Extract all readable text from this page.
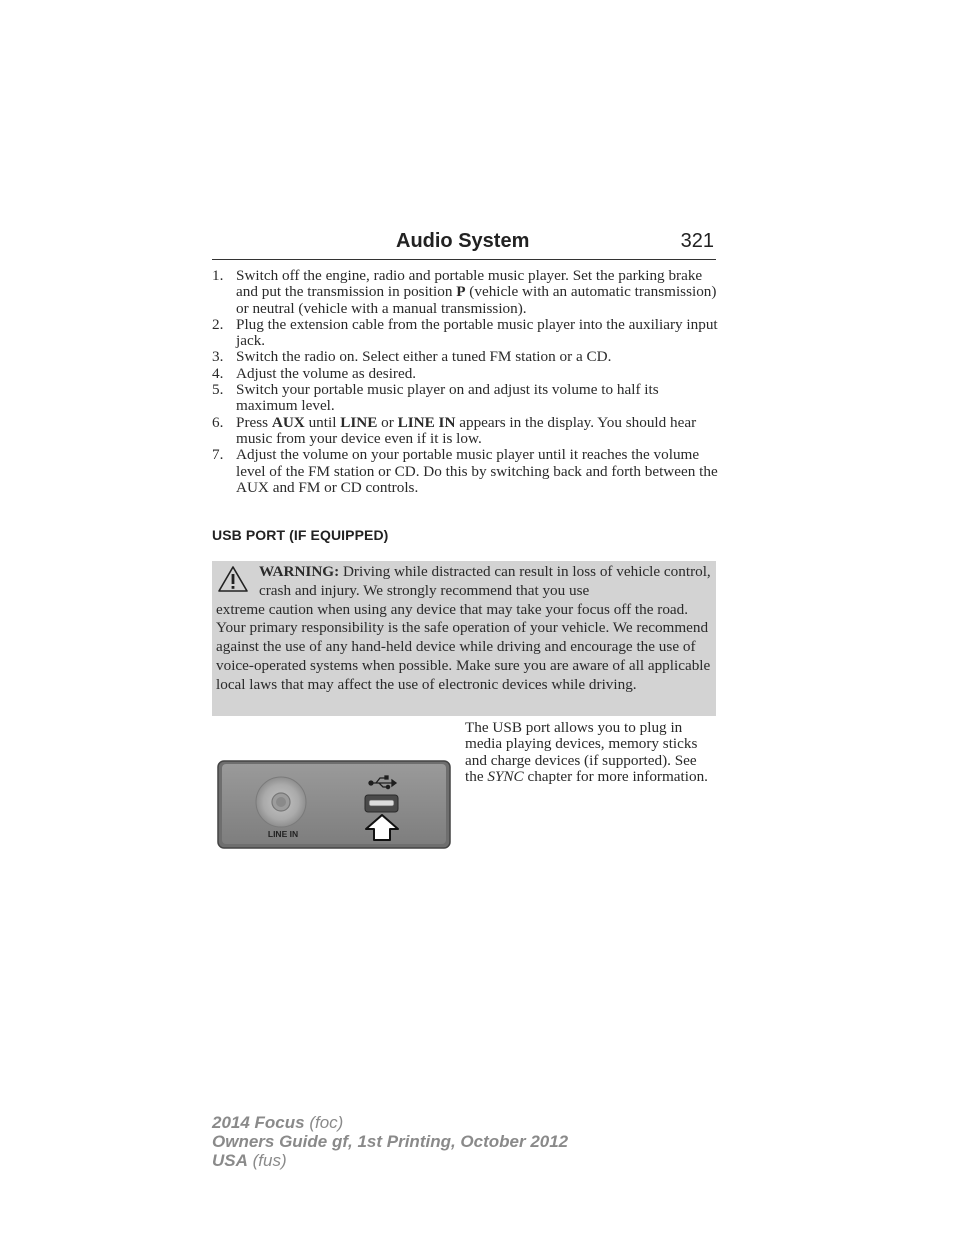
Audio System	321
1. Switch off the engine, radio and portable music player. Set the parking brake and put the transmission in position P (vehicle with an automatic transmission) or neutral (vehicle with a manual transmission).
2. Plug the extension cable from the portable music player into the auxiliary input jack.
3. Switch the radio on. Select either a tuned FM station or a CD.
4. Adjust the volume as desired.
5. Switch your portable music player on and adjust its volume to half its maximum level.
6. Press AUX until LINE or LINE IN appears in the display. You should hear music from your device even if it is low.
7. Adjust the volume on your portable music player until it reaches the volume level of the FM station or CD. Do this by switching back and forth between the AUX and FM or CD controls.
USB PORT (IF EQUIPPED)
WARNING: Driving while distracted can result in loss of vehicle control, crash and injury. We strongly recommend that you use
extreme caution when using any device that may take your focus off the road. Your primary responsibility is the safe operation of your vehicle. We recommend against the use of any hand-held device while driving and encourage the use of voice-operated systems when possible. Make sure you are aware of all applicable local laws that may affect the use of electronic devices while driving.
The USB port allows you to plug in media playing devices, memory sticks and charge devices (if supported). See the SYNC chapter for more information.
LINE IN
2014 Focus (foc)
Owners Guide gf, 1st Printing, October 2012
USA (fus)
